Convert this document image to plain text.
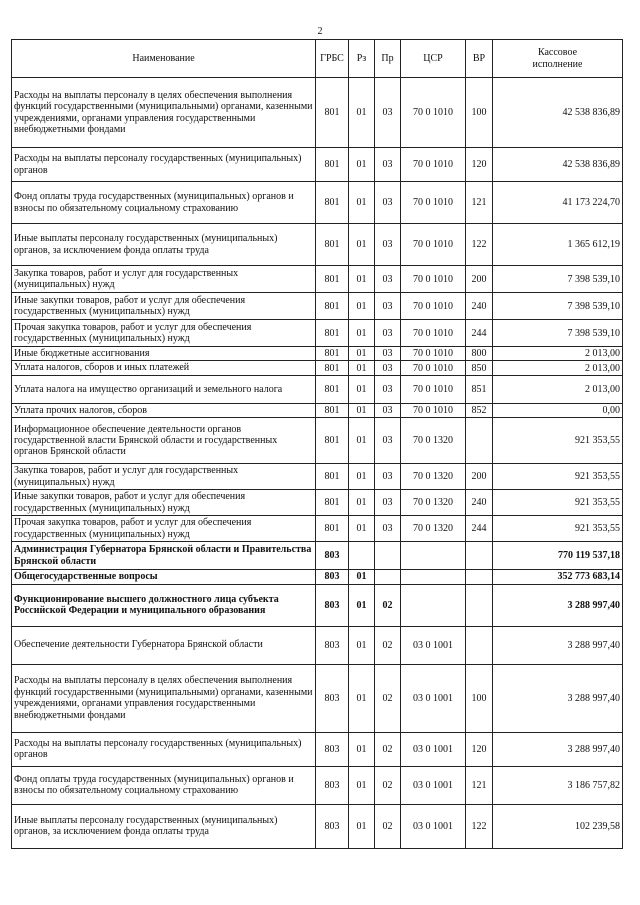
2
Наименование	ГРБС	Рз	Пр	ЦСР	ВР	Кассовое исполнение
Расходы на выплаты персоналу в целях обеспечения выполнения функций государственными (муниципальными) органами, казенными учреждениями, органами управления государственными внебюджетными фондами	801	01	03	70 0 1010	100	42 538 836,89
Расходы на выплаты персоналу государственных (муниципальных) органов	801	01	03	70 0 1010	120	42 538 836,89
Фонд оплаты труда государственных (муниципальных) органов и взносы по обязательному социальному страхованию	801	01	03	70 0 1010	121	41 173 224,70
Иные выплаты персоналу государственных (муниципальных) органов, за исключением фонда оплаты труда	801	01	03	70 0 1010	122	1 365 612,19
Закупка товаров, работ и услуг для государственных (муниципальных) нужд	801	01	03	70 0 1010	200	7 398 539,10
Иные закупки товаров, работ и услуг для обеспечения государственных (муниципальных) нужд	801	01	03	70 0 1010	240	7 398 539,10
Прочая закупка товаров, работ и услуг для обеспечения государственных (муниципальных) нужд	801	01	03	70 0 1010	244	7 398 539,10
Иные бюджетные ассигнования	801	01	03	70 0 1010	800	2 013,00
Уплата налогов, сборов и иных платежей	801	01	03	70 0 1010	850	2 013,00
Уплата налога на имущество организаций и земельного налога	801	01	03	70 0 1010	851	2 013,00
Уплата прочих налогов, сборов	801	01	03	70 0 1010	852	0,00
Информационное обеспечение деятельности органов государственной власти Брянской области и государственных органов Брянской области	801	01	03	70 0 1320		921 353,55
Закупка товаров, работ и услуг для государственных (муниципальных) нужд	801	01	03	70 0 1320	200	921 353,55
Иные закупки товаров, работ и услуг для обеспечения государственных (муниципальных) нужд	801	01	03	70 0 1320	240	921 353,55
Прочая закупка товаров, работ и услуг для обеспечения государственных (муниципальных) нужд	801	01	03	70 0 1320	244	921 353,55
Администрация Губернатора Брянской области и Правительства Брянской области	803					770 119 537,18
Общегосударственные вопросы	803	01				352 773 683,14
Функционирование высшего должностного лица субъекта Российской Федерации и муниципального образования	803	01	02			3 288 997,40
Обеспечение деятельности Губернатора Брянской области	803	01	02	03 0 1001		3 288 997,40
Расходы на выплаты персоналу в целях обеспечения выполнения функций государственными (муниципальными) органами, казенными учреждениями, органами управления государственными внебюджетными фондами	803	01	02	03 0 1001	100	3 288 997,40
Расходы на выплаты персоналу государственных (муниципальных) органов	803	01	02	03 0 1001	120	3 288 997,40
Фонд оплаты труда государственных (муниципальных) органов и взносы по обязательному социальному страхованию	803	01	02	03 0 1001	121	3 186 757,82
Иные выплаты персоналу государственных (муниципальных) органов, за исключением фонда оплаты труда	803	01	02	03 0 1001	122	102 239,58
